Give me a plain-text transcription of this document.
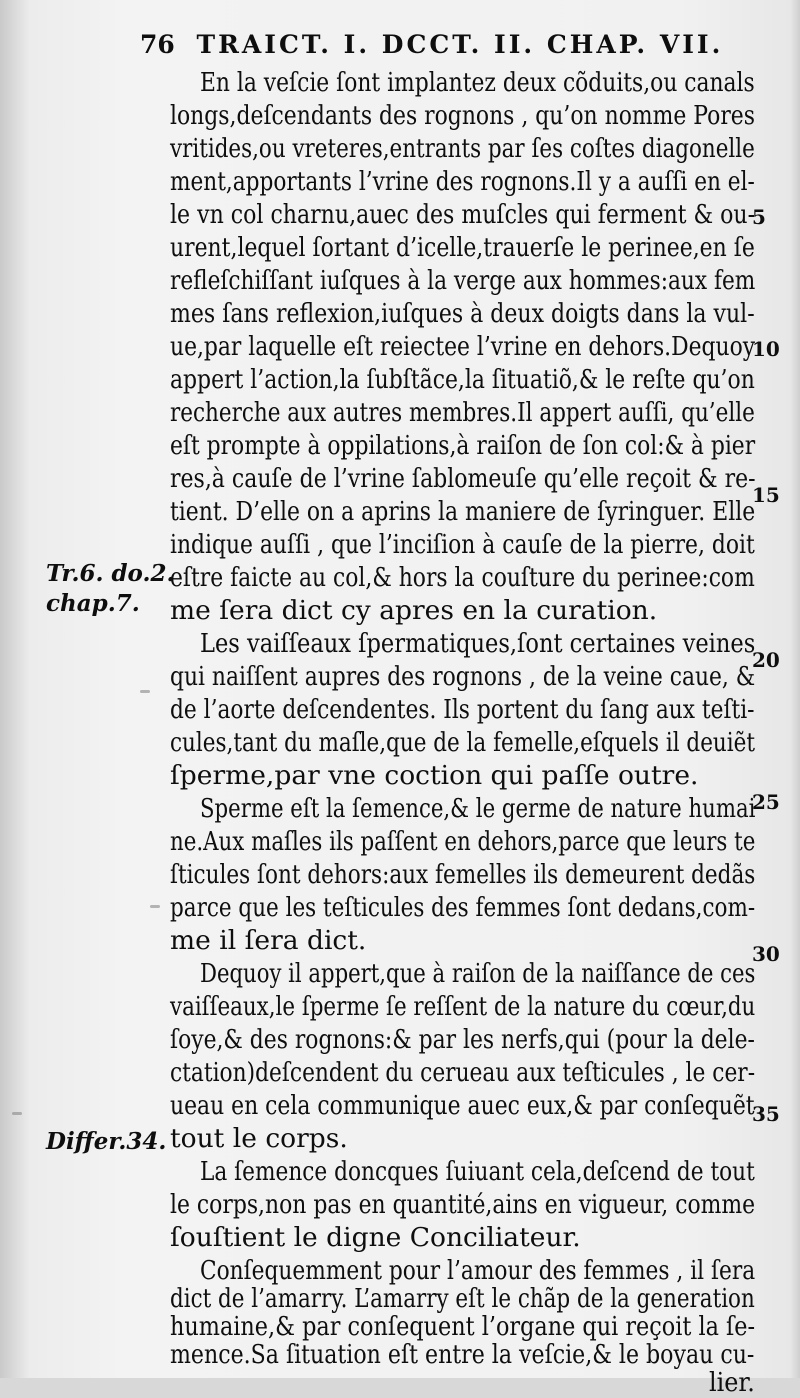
76 TRAICT. I. DCCT. II. CHAP. VII.
En la veſcie ſont implantez deux cõduits,ou canals
longs,deſcendants des rognons , qu’on nomme Pores
vritides,ou vreteres,entrants par ſes coſtes diagonelle
ment,apportants l’vrine des rognons.Il y a auſſi en el-
le vn col charnu,auec des muſcles qui ferment & ou-
urent,lequel ſortant d’icelle,trauerſe le perinee,en ſe
refleſchiſſant iuſques à la verge aux hommes:aux fem
mes ſans reflexion,iuſques à deux doigts dans la vul-
ue,par laquelle eſt reiectee l’vrine en dehors.Dequoy
appert l’action,la ſubſtãce,la ſituatiõ,& le reſte qu’on
recherche aux autres membres.Il appert auſſi, qu’elle
eſt prompte à oppilations,à raiſon de ſon col:& à pier
res,à cauſe de l’vrine ſablomeuſe qu’elle reçoit & re-
tient. D’elle on a aprins la maniere de ſyringuer. Elle
indique auſſi , que l’inciſion à cauſe de la pierre, doit
eſtre faicte au col,& hors la couſture du perinee:com
me ſera dict cy apres en la curation.
Les vaiſſeaux ſpermatiques,ſont certaines veines
qui naiſſent aupres des rognons , de la veine caue, &
de l’aorte deſcendentes. Ils portent du ſang aux teſti-
cules,tant du maſle,que de la femelle,eſquels il deuiẽt
ſperme,par vne coction qui paſſe outre.
Sperme eſt la ſemence,& le germe de nature humai
ne.Aux maſles ils paſſent en dehors,parce que leurs te
ſticules ſont dehors:aux femelles ils demeurent dedãs
parce que les teſticules des femmes ſont dedans,com-
me il ſera dict.
Dequoy il appert,que à raiſon de la naiſſance de ces
vaiſſeaux,le ſperme ſe reſſent de la nature du cœur,du
ſoye,& des rognons:& par les nerfs,qui (pour la dele-
ctation)deſcendent du cerueau aux teſticules , le cer-
ueau en cela communique auec eux,& par conſequẽt
tout le corps.
La ſemence doncques ſuiuant cela,deſcend de tout
le corps,non pas en quantité,ains en vigueur, comme
ſouſtient le digne Conciliateur.
Conſequemment pour l’amour des femmes , il ſera
dict de l’amarry. L’amarry eſt le chãp de la generation
humaine,& par conſequent l’organe qui reçoit la ſe-
5
10
15
20
25
30
35
Tr.6. do.2.
chap.7.
Differ.34.
mence.Sa ſituation eſt entre la veſcie,& le boyau cu-
lier.
